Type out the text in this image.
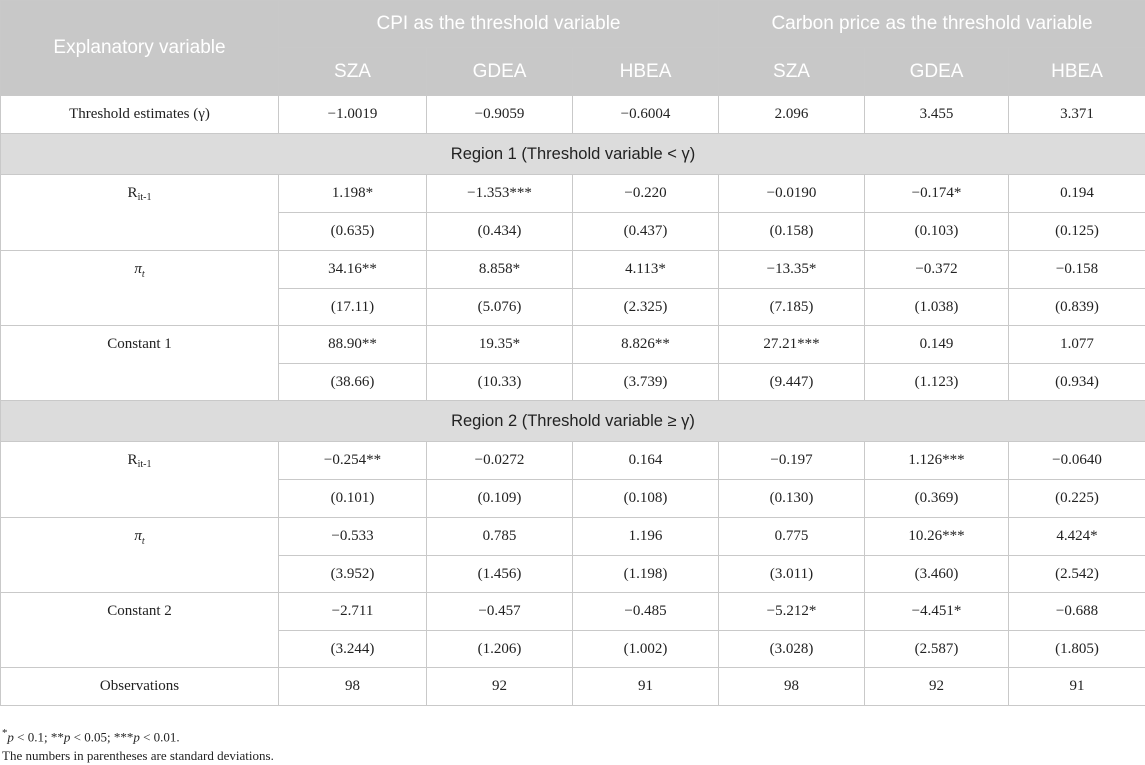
Explanatory variable	CPI as the threshold variable			Carbon price as the threshold variable		
	SZA	GDEA	HBEA	SZA	GDEA	HBEA
Threshold estimates (γ)	−1.0019	−0.9059	−0.6004	2.096	3.455	3.371
Region 1 (Threshold variable < γ)						
$R_{it-1}$	1.198*	−1.353***	−0.220	−0.0190	−0.174*	0.194
	(0.635)	(0.434)	(0.437)	(0.158)	(0.103)	(0.125)
$\pi_t$	34.16**	8.858*	4.113*	−13.35*	−0.372	−0.158
	(17.11)	(5.076)	(2.325)	(7.185)	(1.038)	(0.839)
Constant 1	88.90**	19.35*	8.826**	27.21***	0.149	1.077
	(38.66)	(10.33)	(3.739)	(9.447)	(1.123)	(0.934)
Region 2 (Threshold variable ≥ γ)						
$R_{it-1}$	−0.254**	−0.0272	0.164	−0.197	1.126***	−0.0640
	(0.101)	(0.109)	(0.108)	(0.130)	(0.369)	(0.225)
$\pi_t$	−0.533	0.785	1.196	0.775	10.26***	4.424*
	(3.952)	(1.456)	(1.198)	(3.011)	(3.460)	(2.542)
Constant 2	−2.711	−0.457	−0.485	−5.212*	−4.451*	−0.688
	(3.244)	(1.206)	(1.002)	(3.028)	(2.587)	(1.805)
Observations	98	92	91	98	92	91
*p < 0.1; **p < 0.05; ***p < 0.01.
The numbers in parentheses are standard deviations.
